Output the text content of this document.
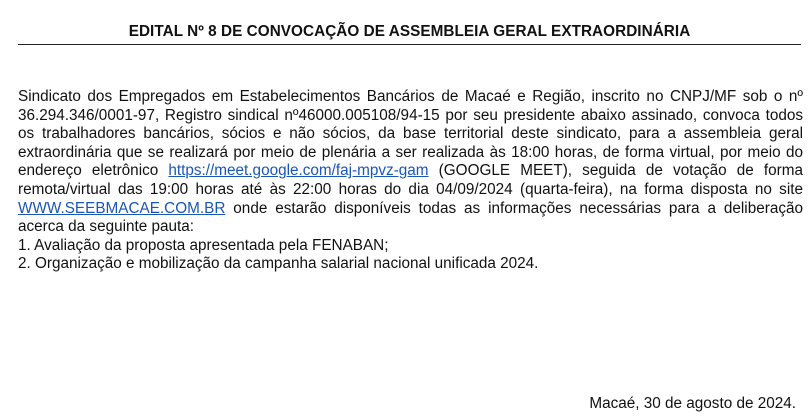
EDITAL Nº 8 DE CONVOCAÇÃO DE ASSEMBLEIA GERAL EXTRAORDINÁRIA

Sindicato dos Empregados em Estabelecimentos Bancários de Macaé e Região, inscrito no CNPJ/MF sob o nº 36.294.346/0001-97, Registro sindical nº46000.005108/94-15 por seu presidente abaixo assinado, convoca todos os trabalhadores bancários, sócios e não sócios, da base territorial deste sindicato, para a assembleia geral extraordinária que se realizará por meio de plenária a ser realizada às 18:00 horas, de forma virtual, por meio do endereço eletrônico https://meet.google.com/faj-mpvz-gam (GOOGLE MEET), seguida de votação de forma remota/virtual das 19:00 horas até às 22:00 horas do dia 04/09/2024 (quarta-feira), na forma disposta no site WWW.SEEBMACAE.COM.BR onde estarão disponíveis todas as informações necessárias para a deliberação acerca da seguinte pauta:

1. Avaliação da proposta apresentada pela FENABAN;
2. Organização e mobilização da campanha salarial nacional unificada 2024.
Macaé, 30 de agosto de 2024.
